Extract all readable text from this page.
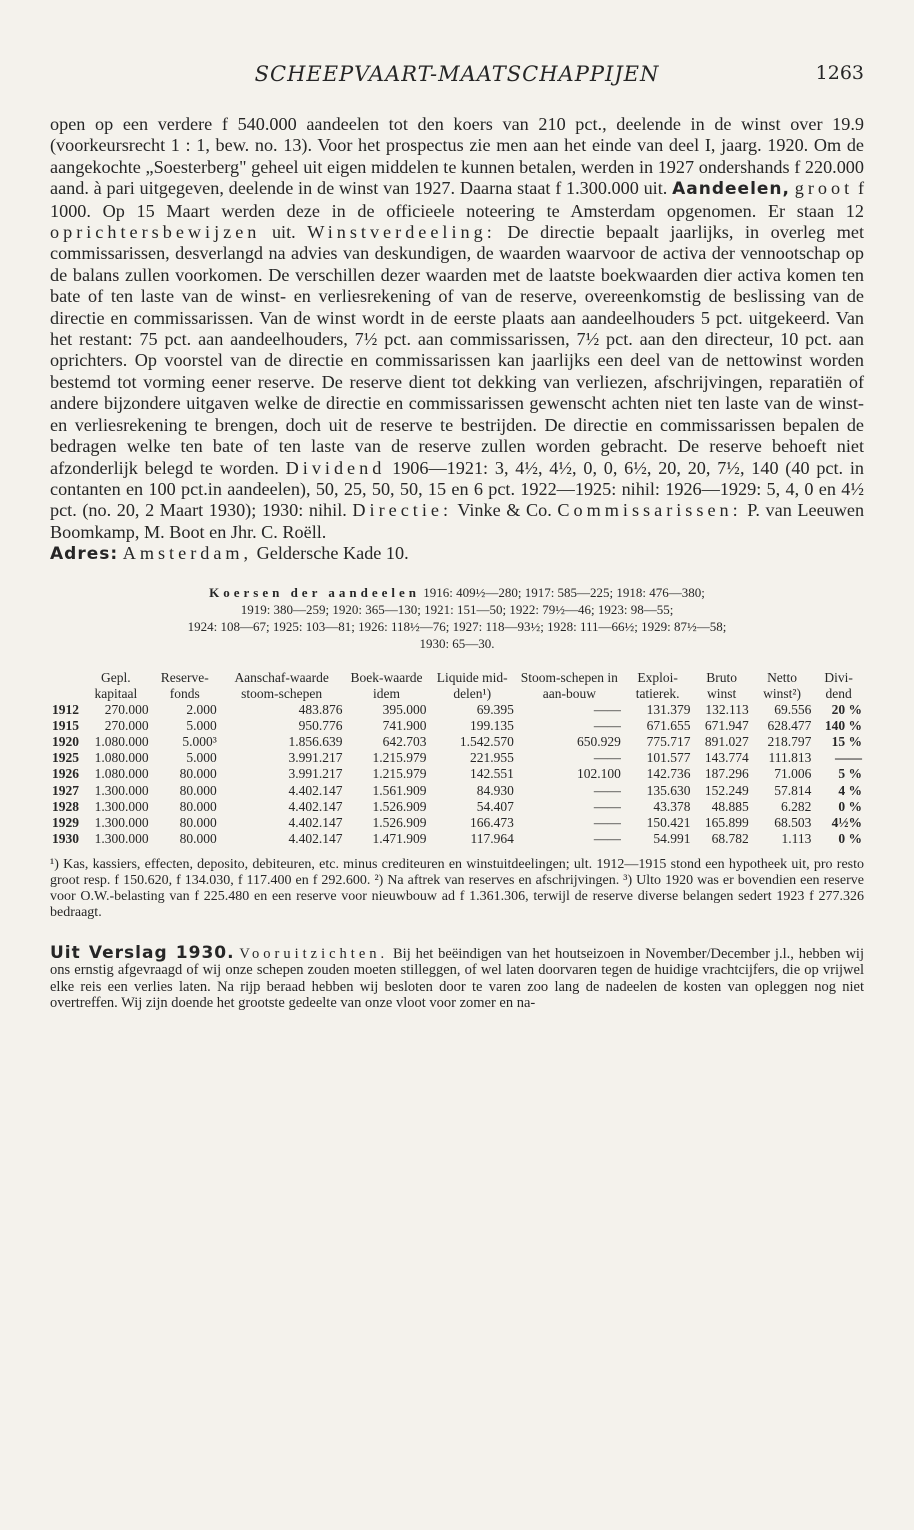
SCHEEPVAART-MAATSCHAPPIJEN	1263

open op een verdere f 540.000 aandeelen tot den koers van 210 pct., deelende in de winst over 19.9 (voorkeursrecht 1 : 1, bew. no. 13). Voor het prospectus zie men aan het einde van deel I, jaarg. 1920. Om de aangekochte „Soesterberg" geheel uit eigen middelen te kunnen betalen, werden in 1927 ondershands f 220.000 aand. à pari uitgegeven, deelende in de winst van 1927. Daarna staat f 1.300.000 uit. Aandeelen, groot f 1000. Op 15 Maart werden deze in de officieele noteering te Amsterdam opgenomen. Er staan 12 oprichtersbewijzen uit. Winstverdeeling: De directie bepaalt jaarlijks, in overleg met commissarissen, desverlangd na advies van deskundigen, de waarden waarvoor de activa der vennootschap op de balans zullen voorkomen. De verschillen dezer waarden met de laatste boekwaarden dier activa komen ten bate of ten laste van de winst- en verliesrekening of van de reserve, overeenkomstig de beslissing van de directie en commissarissen. Van de winst wordt in de eerste plaats aan aandeelhouders 5 pct. uitgekeerd. Van het restant: 75 pct. aan aandeelhouders, 7½ pct. aan commissarissen, 7½ pct. aan den directeur, 10 pct. aan oprichters. Op voorstel van de directie en commissarissen kan jaarlijks een deel van de nettowinst worden bestemd tot vorming eener reserve. De reserve dient tot dekking van verliezen, afschrijvingen, reparatiën of andere bijzondere uitgaven welke de directie en commissarissen gewenscht achten niet ten laste van de winst- en verliesrekening te brengen, doch uit de reserve te bestrijden. De directie en commissarissen bepalen de bedragen welke ten bate of ten laste van de reserve zullen worden gebracht. De reserve behoeft niet afzonderlijk belegd te worden. Dividend 1906—1921: 3, 4½, 4½, 0, 0, 6½, 20, 20, 7½, 140 (40 pct. in contanten en 100 pct.in aandeelen), 50, 25, 50, 50, 15 en 6 pct. 1922—1925: nihil: 1926—1929: 5, 4, 0 en 4½ pct. (no. 20, 2 Maart 1930); 1930: nihil. Directie: Vinke & Co. Commissarissen: P. van Leeuwen Boomkamp, M. Boot en Jhr. C. Roëll.
Adres: Amsterdam, Geldersche Kade 10.

Koersen der aandeelen 1916: 409½—280; 1917: 585—225; 1918: 476—380;
1919: 380—259; 1920: 365—130; 1921: 151—50; 1922: 79½—46; 1923: 98—55;
1924: 108—67; 1925: 103—81; 1926: 118½—76; 1927: 118—93½; 1928: 111—66½; 1929: 87½—58;
1930: 65—30.
	Gepl. kapitaal	Reserve-fonds	Aanschaf-waarde stoom-schepen	Boek-waarde idem	Liquide mid-delen¹)	Stoom-schepen in aan-bouw	Exploi-tatierek.	Bruto winst	Netto winst²)	Divi-dend
1912	270.000	2.000	483.876	395.000	69.395	——	131.379	132.113	69.556	20 %
1915	270.000	5.000	950.776	741.900	199.135	——	671.655	671.947	628.477	140 %
1920	1.080.000	5.000³	1.856.639	642.703	1.542.570	650.929	775.717	891.027	218.797	15 %
1925	1.080.000	5.000	3.991.217	1.215.979	221.955	——	101.577	143.774	111.813	——
1926	1.080.000	80.000	3.991.217	1.215.979	142.551	102.100	142.736	187.296	71.006	5 %
1927	1.300.000	80.000	4.402.147	1.561.909	84.930	——	135.630	152.249	57.814	4 %
1928	1.300.000	80.000	4.402.147	1.526.909	54.407	——	43.378	48.885	6.282	0 %
1929	1.300.000	80.000	4.402.147	1.526.909	166.473	——	150.421	165.899	68.503	4½%
1930	1.300.000	80.000	4.402.147	1.471.909	117.964	——	54.991	68.782	1.113	0 %
¹) Kas, kassiers, effecten, deposito, debiteuren, etc. minus crediteuren en winstuitdeelingen; ult. 1912—1915 stond een hypotheek uit, pro resto groot resp. f 150.620, f 134.030, f 117.400 en f 292.600. ²) Na aftrek van reserves en afschrijvingen. ³) Ulto 1920 was er bovendien een reserve voor O.W.-belasting van f 225.480 en een reserve voor nieuwbouw ad f 1.361.306, terwijl de reserve diverse belangen sedert 1923 f 277.326 bedraagt.

Uit Verslag 1930. Vooruitzichten. Bij het beëindigen van het houtseizoen in November/December j.l., hebben wij ons ernstig afgevraagd of wij onze schepen zouden moeten stilleggen, of wel laten doorvaren tegen de huidige vrachtcijfers, die op vrijwel elke reis een verlies laten. Na rijp beraad hebben wij besloten door te varen zoo lang de nadeelen de kosten van opleggen nog niet overtreffen. Wij zijn doende het grootste gedeelte van onze vloot voor zomer en na-
